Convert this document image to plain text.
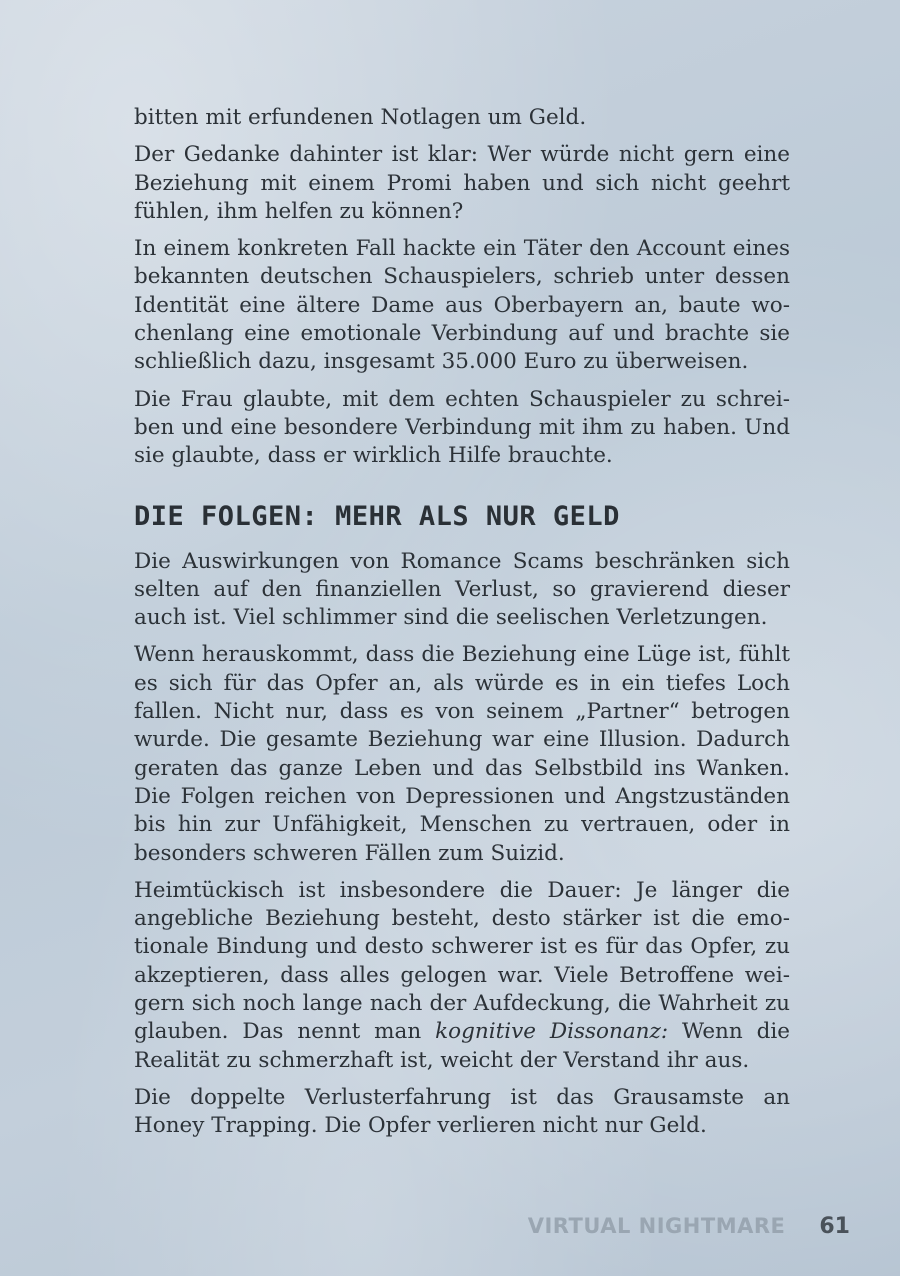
bitten mit erfundenen Notlagen um Geld.

Der Gedanke dahinter ist klar: Wer würde nicht gern eine Beziehung mit einem Promi haben und sich nicht geehrt fühlen, ihm helfen zu können?

In einem konkreten Fall hackte ein Täter den Account eines bekannten deutschen Schauspielers, schrieb unter dessen Identität eine ältere Dame aus Oberbayern an, baute wochenlang eine emotionale Verbindung auf und brachte sie schließlich dazu, insgesamt 35.000 Euro zu überweisen.

Die Frau glaubte, mit dem echten Schauspieler zu schreiben und eine besondere Verbindung mit ihm zu haben. Und sie glaubte, dass er wirklich Hilfe brauchte.

DIE FOLGEN: MEHR ALS NUR GELD

Die Auswirkungen von Romance Scams beschränken sich selten auf den finanziellen Verlust, so gravierend dieser auch ist. Viel schlimmer sind die seelischen Verletzungen.

Wenn herauskommt, dass die Beziehung eine Lüge ist, fühlt es sich für das Opfer an, als würde es in ein tiefes Loch fallen. Nicht nur, dass es von seinem „Partner“ betrogen wurde. Die gesamte Beziehung war eine Illusion. Dadurch geraten das ganze Leben und das Selbstbild ins Wanken. Die Folgen reichen von Depressionen und Angstzuständen bis hin zur Unfähigkeit, Menschen zu vertrauen, oder in besonders schweren Fällen zum Suizid.

Heimtückisch ist insbesondere die Dauer: Je länger die angebliche Beziehung besteht, desto stärker ist die emotionale Bindung und desto schwerer ist es für das Opfer, zu akzeptieren, dass alles gelogen war. Viele Betroffene weigern sich noch lange nach der Aufdeckung, die Wahrheit zu glauben. Das nennt man kognitive Dissonanz: Wenn die Realität zu schmerzhaft ist, weicht der Verstand ihr aus.

Die doppelte Verlusterfahrung ist das Grausamste an Honey Trapping. Die Opfer verlieren nicht nur Geld.

VIRTUAL NIGHTMARE 61
